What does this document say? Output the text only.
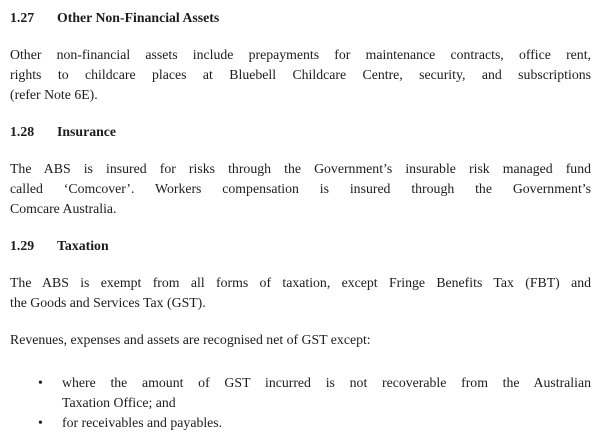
1.27	Other Non-Financial Assets
Other non-financial assets include prepayments for maintenance contracts, office rent,
rights to childcare places at Bluebell Childcare Centre, security, and subscriptions
(refer Note 6E).
1.28	Insurance
The ABS is insured for risks through the Government’s insurable risk managed fund
called ‘Comcover’. Workers compensation is insured through the Government’s
Comcare Australia.
1.29	Taxation
The ABS is exempt from all forms of taxation, except Fringe Benefits Tax (FBT) and
the Goods and Services Tax (GST).
Revenues, expenses and assets are recognised net of GST except:
•	where the amount of GST incurred is not recoverable from the Australian
Taxation Office; and
•	for receivables and payables.
